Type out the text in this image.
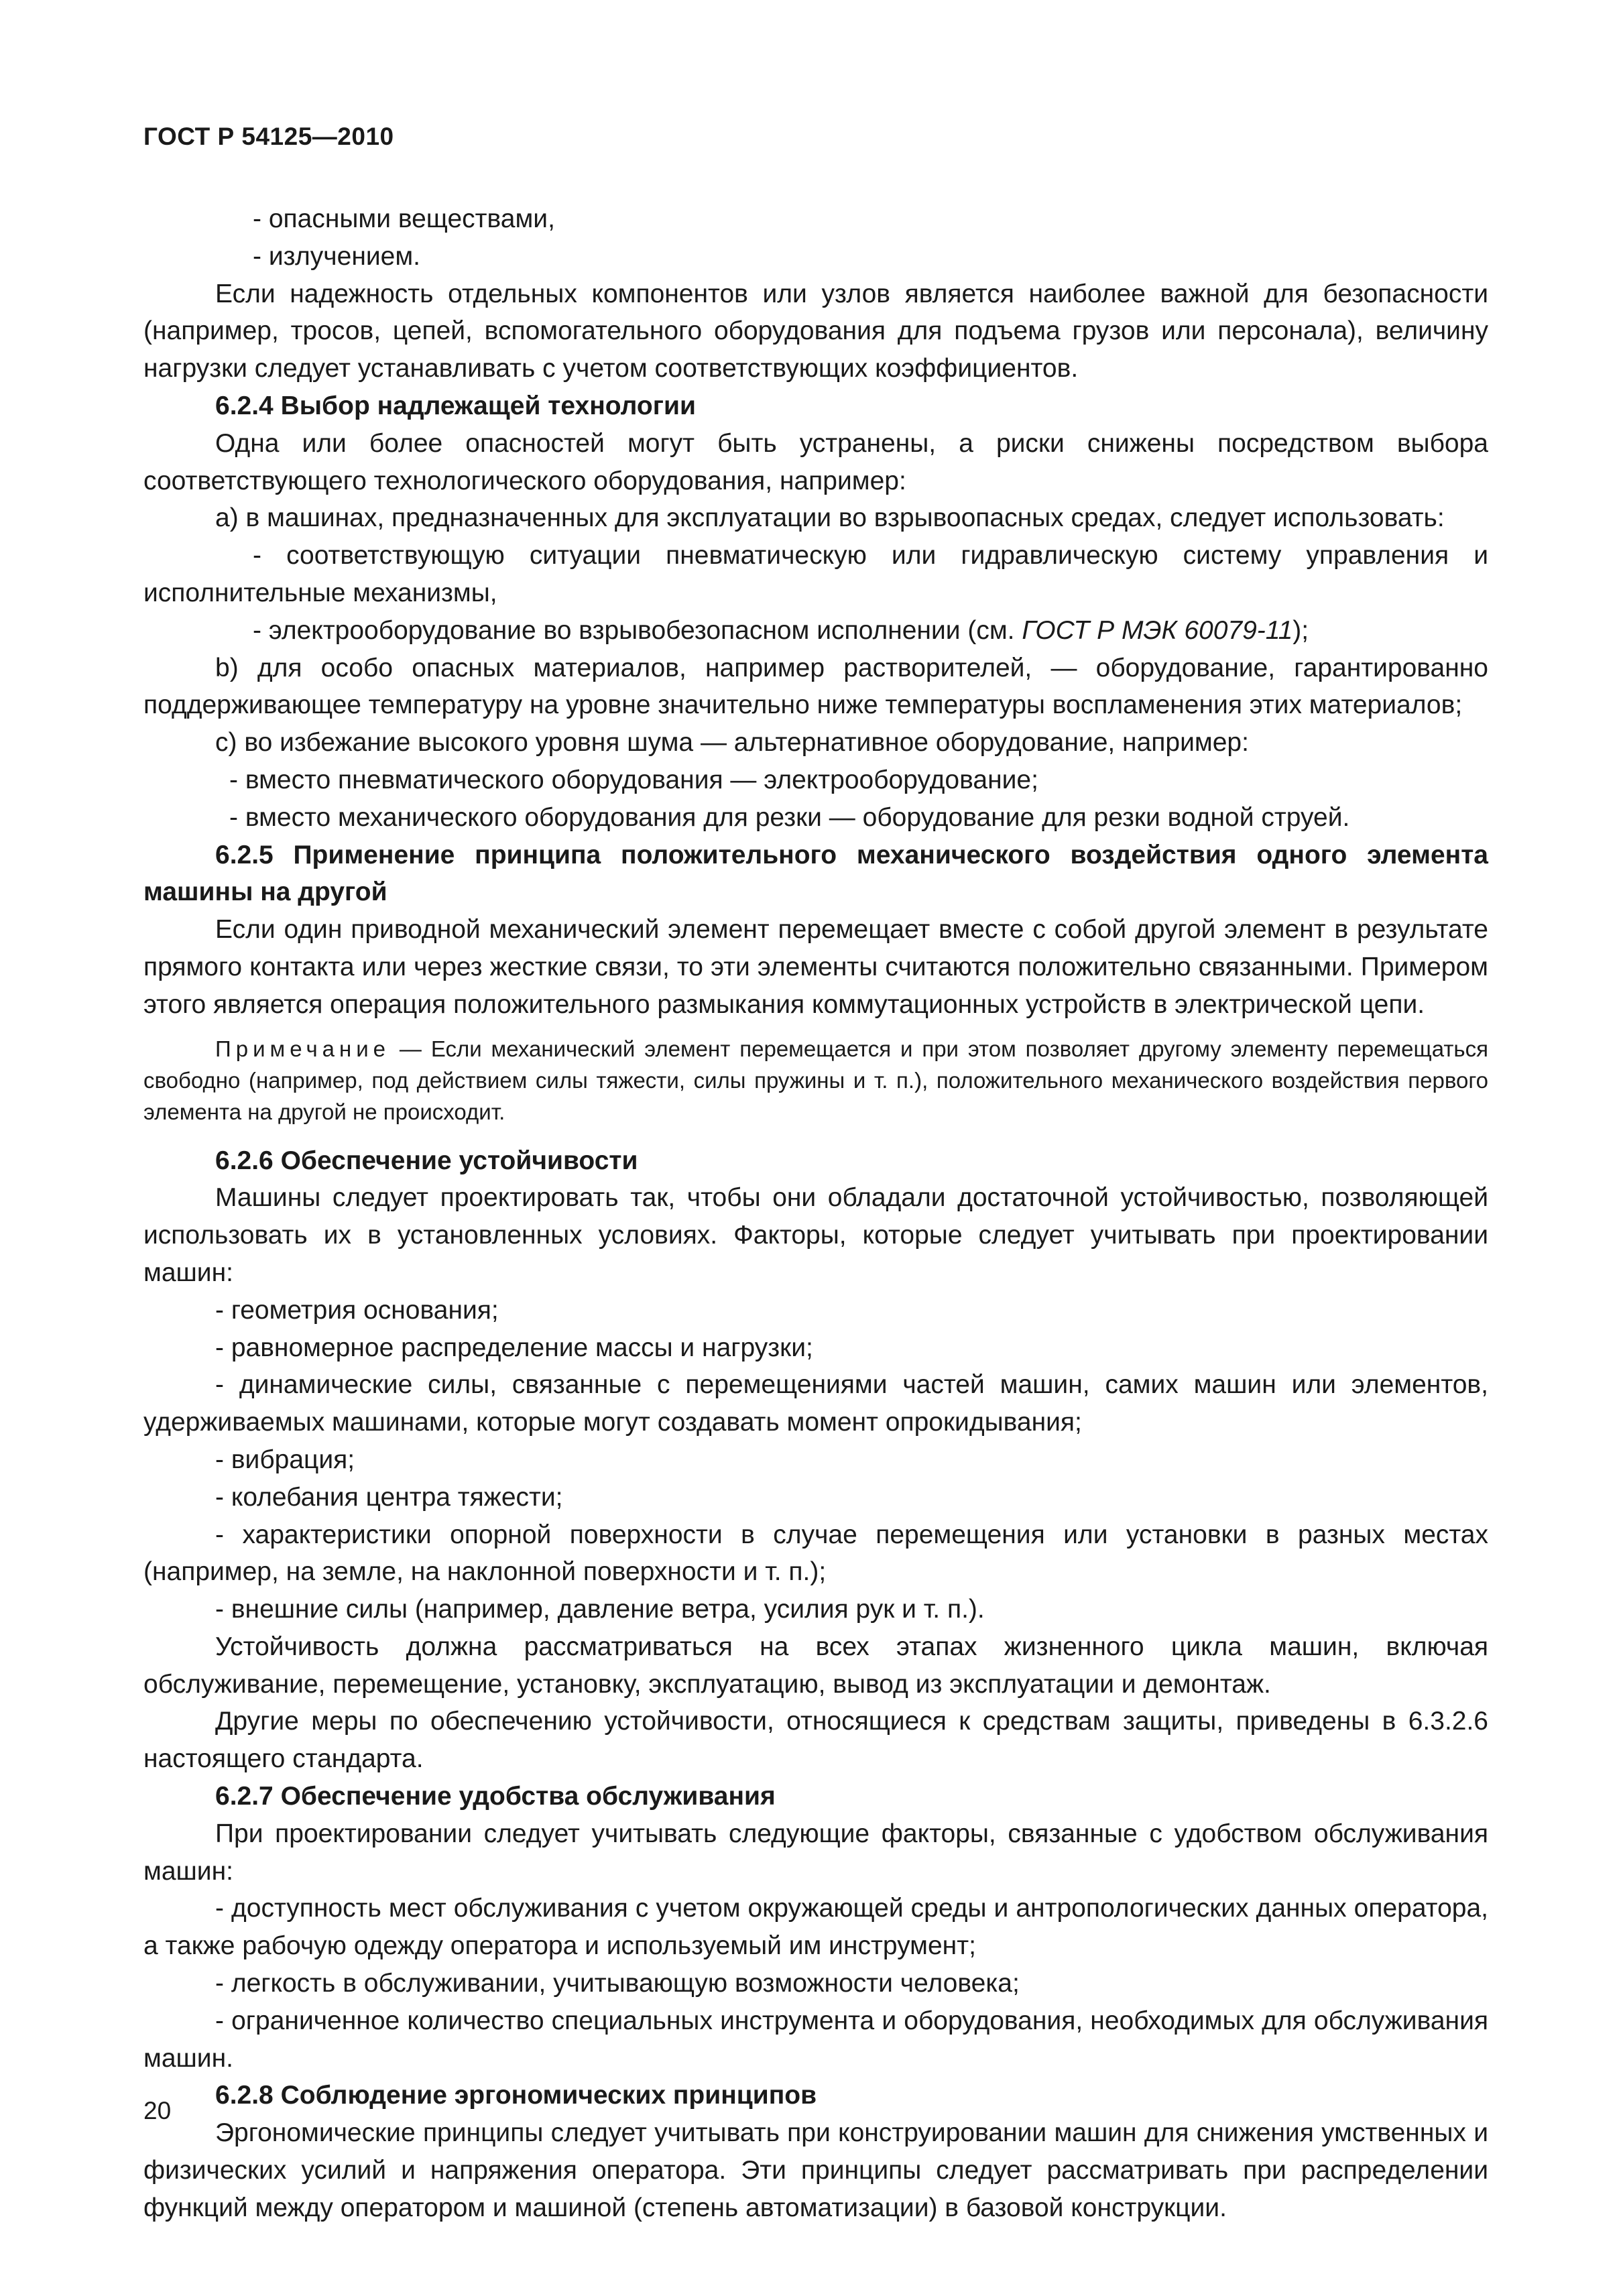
ГОСТ Р 54125—2010

- опасными веществами,

- излучением.

Если надежность отдельных компонентов или узлов является наиболее важной для безопасности (например, тросов, цепей, вспомогательного оборудования для подъема грузов или персонала), величину нагрузки следует устанавливать с учетом соответствующих коэффициентов.

6.2.4 Выбор надлежащей технологии

Одна или более опасностей могут быть устранены, а риски снижены посредством выбора соответствующего технологического оборудования, например:

а) в машинах, предназначенных для эксплуатации во взрывоопасных средах, следует использовать:

- соответствующую ситуации пневматическую или гидравлическую систему управления и исполнительные механизмы,

- электрооборудование во взрывобезопасном исполнении (см. ГОСТ Р МЭК 60079-11);

b) для особо опасных материалов, например растворителей, — оборудование, гарантированно поддерживающее температуру на уровне значительно ниже температуры воспламенения этих материалов;

с) во избежание высокого уровня шума — альтернативное оборудование, например:

- вместо пневматического оборудования — электрооборудование;

- вместо механического оборудования для резки — оборудование для резки водной струей.

6.2.5 Применение принципа положительного механического воздействия одного элемента машины на другой

Если один приводной механический элемент перемещает вместе с собой другой элемент в результате прямого контакта или через жесткие связи, то эти элементы считаются положительно связанными. Примером этого является операция положительного размыкания коммутационных устройств в электрической цепи.

Примечание — Если механический элемент перемещается и при этом позволяет другому элементу перемещаться свободно (например, под действием силы тяжести, силы пружины и т. п.), положительного механического воздействия первого элемента на другой не происходит.

6.2.6 Обеспечение устойчивости

Машины следует проектировать так, чтобы они обладали достаточной устойчивостью, позволяющей использовать их в установленных условиях. Факторы, которые следует учитывать при проектировании машин:

- геометрия основания;

- равномерное распределение массы и нагрузки;

- динамические силы, связанные с перемещениями частей машин, самих машин или элементов, удерживаемых машинами, которые могут создавать момент опрокидывания;

- вибрация;

- колебания центра тяжести;

- характеристики опорной поверхности в случае перемещения или установки в разных местах (например, на земле, на наклонной поверхности и т. п.);

- внешние силы (например, давление ветра, усилия рук и т. п.).

Устойчивость должна рассматриваться на всех этапах жизненного цикла машин, включая обслуживание, перемещение, установку, эксплуатацию, вывод из эксплуатации и демонтаж.

Другие меры по обеспечению устойчивости, относящиеся к средствам защиты, приведены в 6.3.2.6 настоящего стандарта.

6.2.7 Обеспечение удобства обслуживания

При проектировании следует учитывать следующие факторы, связанные с удобством обслуживания машин:

- доступность мест обслуживания с учетом окружающей среды и антропологических данных оператора, а также рабочую одежду оператора и используемый им инструмент;

- легкость в обслуживании, учитывающую возможности человека;

- ограниченное количество специальных инструмента и оборудования, необходимых для обслуживания машин.

6.2.8 Соблюдение эргономических принципов

Эргономические принципы следует учитывать при конструировании машин для снижения умственных и физических усилий и напряжения оператора. Эти принципы следует рассматривать при распределении функций между оператором и машиной (степень автоматизации) в базовой конструкции.

20
